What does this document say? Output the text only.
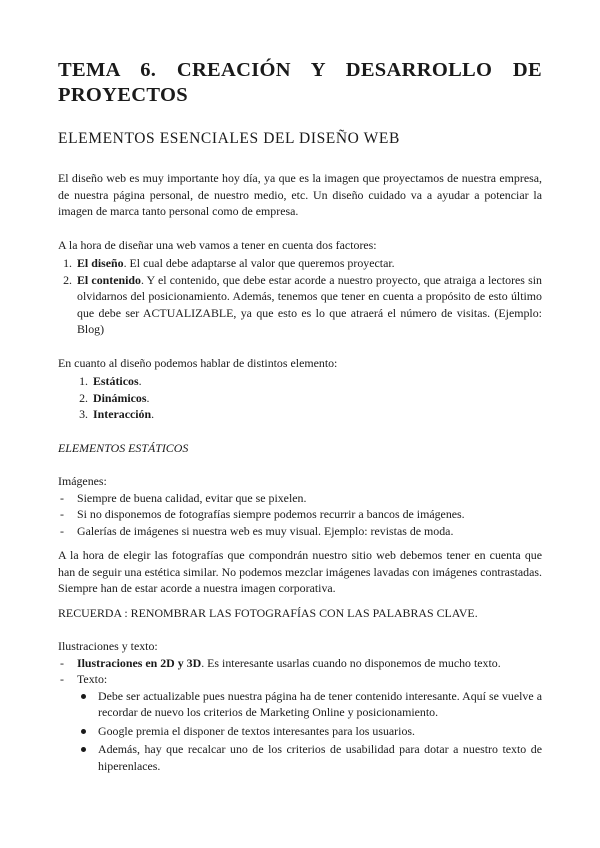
TEMA 6. CREACIÓN Y DESARROLLO DE
PROYECTOS
ELEMENTOS ESENCIALES DEL DISEÑO WEB

El diseño web es muy importante hoy día, ya que es la imagen que proyectamos de nuestra empresa, de nuestra página personal, de nuestro medio, etc. Un diseño cuidado va a ayudar a potenciar la imagen de marca tanto personal como de empresa.

A la hora de diseñar una web vamos a tener en cuenta dos factores:

1. El diseño. El cual debe adaptarse al valor que queremos proyectar.
2. El contenido. Y el contenido, que debe estar acorde a nuestro proyecto, que atraiga a lectores sin olvidarnos del posicionamiento. Además, tenemos que tener en cuenta a propósito de esto último que debe ser ACTUALIZABLE, ya que esto es lo que atraerá el número de visitas. (Ejemplo: Blog)

En cuanto al diseño podemos hablar de distintos elemento:

1. Estáticos.
2. Dinámicos.
3. Interacción.

ELEMENTOS ESTÁTICOS

Imágenes:

- Siempre de buena calidad, evitar que se pixelen.
- Si no disponemos de fotografías siempre podemos recurrir a bancos de imágenes.
- Galerías de imágenes si nuestra web es muy visual. Ejemplo: revistas de moda.

A la hora de elegir las fotografías que compondrán nuestro sitio web debemos tener en cuenta que han de seguir una estética similar. No podemos mezclar imágenes lavadas con imágenes contrastadas. Siempre han de estar acorde a nuestra imagen corporativa.

RECUERDA : RENOMBRAR LAS FOTOGRAFÍAS CON LAS PALABRAS CLAVE.

Ilustraciones y texto:

- Ilustraciones en 2D y 3D. Es interesante usarlas cuando no disponemos de mucho texto.
- Texto:
Debe ser actualizable pues nuestra página ha de tener contenido interesante. Aquí se vuelve a recordar de nuevo los criterios de Marketing Online y posicionamiento.
Google premia el disponer de textos interesantes para los usuarios.
Además, hay que recalcar uno de los criterios de usabilidad para dotar a nuestro texto de hiperenlaces.
